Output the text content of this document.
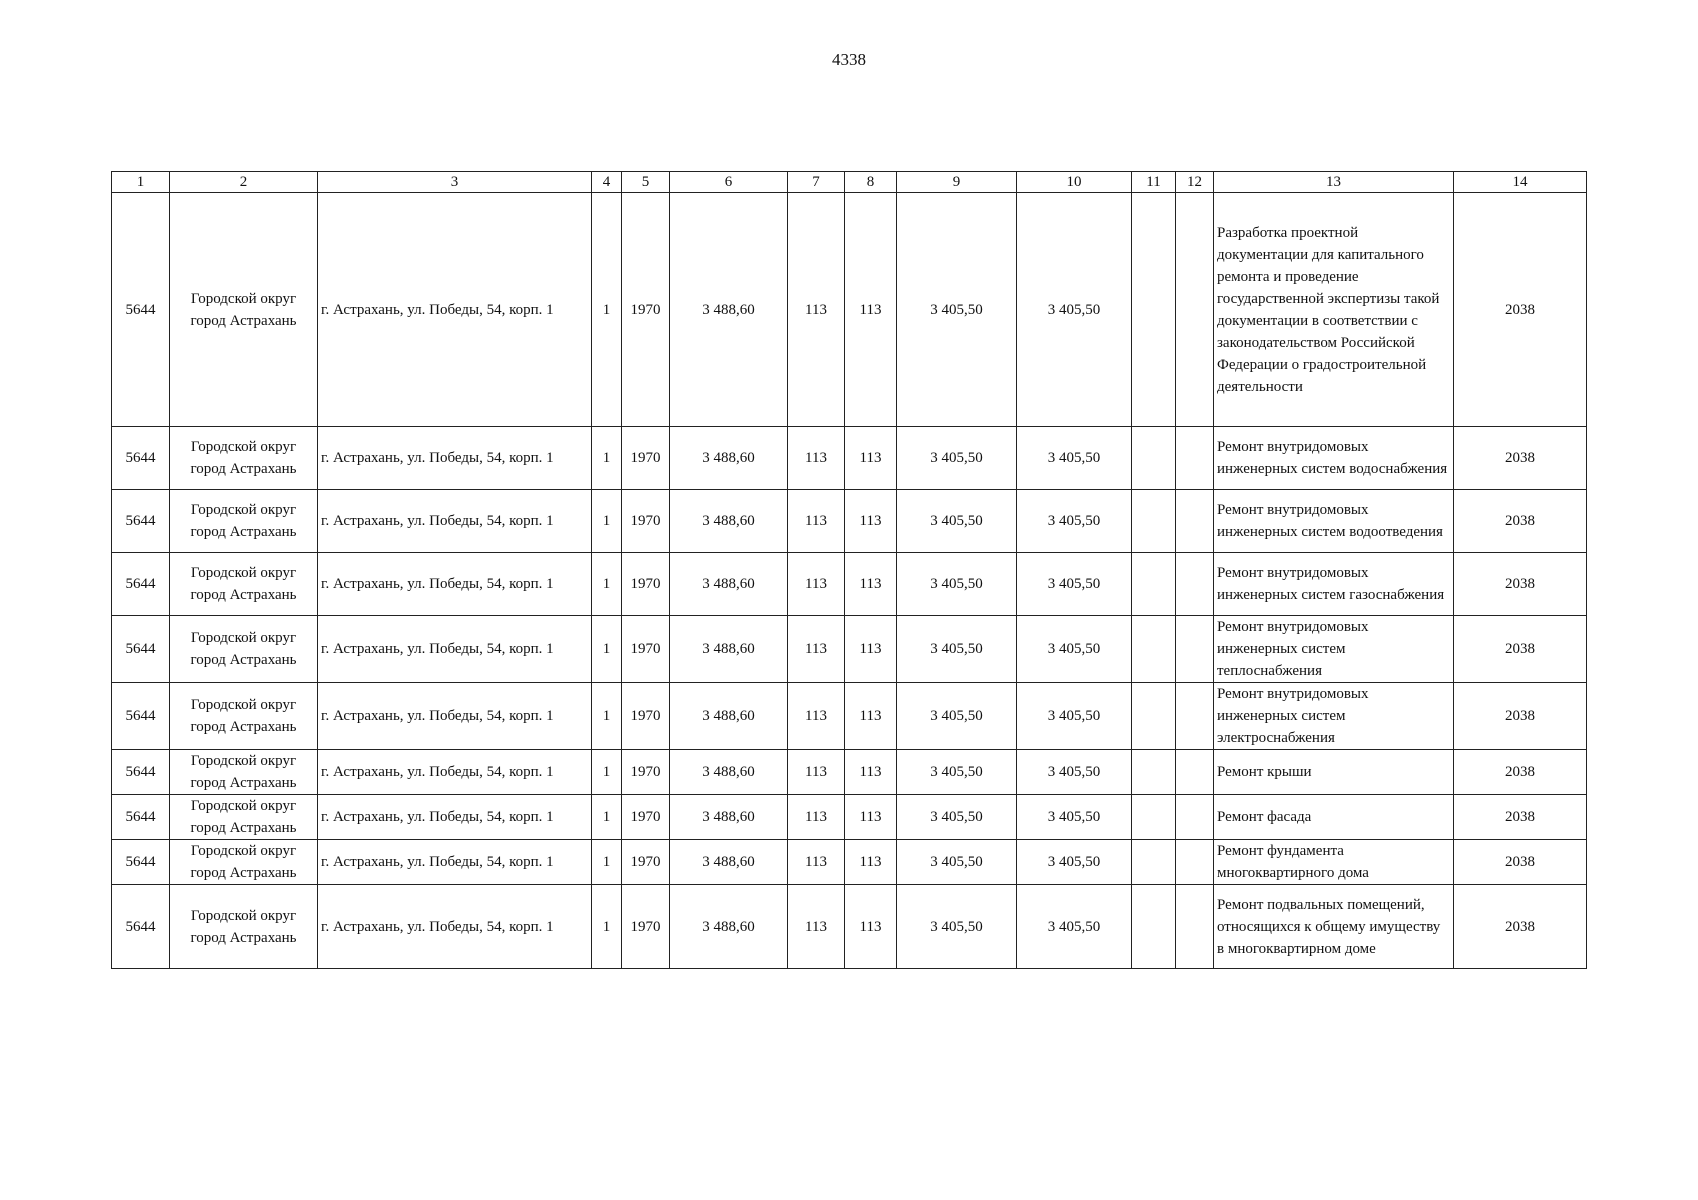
4338
1	2	3	4	5	6	7	8	9	10	11	12	13	14
5644	Городской округ город Астрахань	г. Астрахань, ул. Победы, 54, корп. 1	1	1970	3 488,60	113	113	3 405,50	3 405,50			Разработка проектной документации для капитального ремонта и проведение государственной экспертизы такой документации в соответствии с законодательством Российской Федерации о градостроительной деятельности	2038
5644	Городской округ город Астрахань	г. Астрахань, ул. Победы, 54, корп. 1	1	1970	3 488,60	113	113	3 405,50	3 405,50			Ремонт внутридомовых инженерных систем водоснабжения	2038
5644	Городской округ город Астрахань	г. Астрахань, ул. Победы, 54, корп. 1	1	1970	3 488,60	113	113	3 405,50	3 405,50			Ремонт внутридомовых инженерных систем водоотведения	2038
5644	Городской округ город Астрахань	г. Астрахань, ул. Победы, 54, корп. 1	1	1970	3 488,60	113	113	3 405,50	3 405,50			Ремонт внутридомовых инженерных систем газоснабжения	2038
5644	Городской округ город Астрахань	г. Астрахань, ул. Победы, 54, корп. 1	1	1970	3 488,60	113	113	3 405,50	3 405,50			Ремонт внутридомовых инженерных систем теплоснабжения	2038
5644	Городской округ город Астрахань	г. Астрахань, ул. Победы, 54, корп. 1	1	1970	3 488,60	113	113	3 405,50	3 405,50			Ремонт внутридомовых инженерных систем электроснабжения	2038
5644	Городской округ город Астрахань	г. Астрахань, ул. Победы, 54, корп. 1	1	1970	3 488,60	113	113	3 405,50	3 405,50			Ремонт крыши	2038
5644	Городской округ город Астрахань	г. Астрахань, ул. Победы, 54, корп. 1	1	1970	3 488,60	113	113	3 405,50	3 405,50			Ремонт фасада	2038
5644	Городской округ город Астрахань	г. Астрахань, ул. Победы, 54, корп. 1	1	1970	3 488,60	113	113	3 405,50	3 405,50			Ремонт фундамента многоквартирного дома	2038
5644	Городской округ город Астрахань	г. Астрахань, ул. Победы, 54, корп. 1	1	1970	3 488,60	113	113	3 405,50	3 405,50			Ремонт подвальных помещений, относящихся к общему имуществу в многоквартирном доме	2038
